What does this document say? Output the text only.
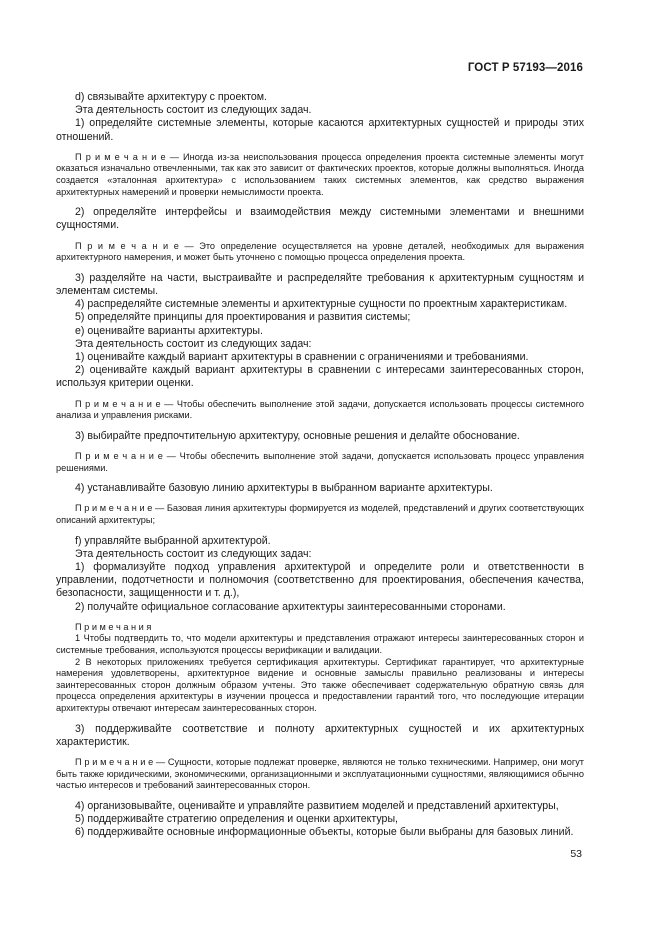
ГОСТ Р 57193—2016
d) связывайте архитектуру с проектом.
Эта деятельность состоит из следующих задач.
1) определяйте системные элементы, которые касаются архитектурных сущностей и природы этих отношений.
П р и м е ч а н и е — Иногда из-за неиспользования процесса определения проекта системные элементы могут оказаться изначально отвечленными, так как это зависит от фактических проектов, которые должны выполняться. Иногда создается «эталонная архитектура» с использованием таких системных элементов, как средство выражения архитектурных намерений и проверки немыслимости проекта.
2) определяйте интерфейсы и взаимодействия между системными элементами и внешними сущностями.
П р и м е ч а н и е — Это определение осуществляется на уровне деталей, необходимых для выражения архитектурного намерения, и может быть уточнено с помощью процесса определения проекта.
3) разделяйте на части, выстраивайте и распределяйте требования к архитектурным сущностям и элементам системы.
4) распределяйте системные элементы и архитектурные сущности по проектным характеристикам.
5) определяйте принципы для проектирования и развития системы;
е) оценивайте варианты архитектуры.
Эта деятельность состоит из следующих задач:
1) оценивайте каждый вариант архитектуры в сравнении с ограничениями и требованиями.
2) оценивайте каждый вариант архитектуры в сравнении с интересами заинтересованных сторон, используя критерии оценки.
П р и м е ч а н и е — Чтобы обеспечить выполнение этой задачи, допускается использовать процессы системного анализа и управления рисками.
3) выбирайте предпочтительную архитектуру, основные решения и делайте обоснование.
П р и м е ч а н и е — Чтобы обеспечить выполнение этой задачи, допускается использовать процесс управления решениями.
4) устанавливайте базовую линию архитектуры в выбранном варианте архитектуры.
П р и м е ч а н и е — Базовая линия архитектуры формируется из моделей, представлений и других соответствующих описаний архитектуры;
f) управляйте выбранной архитектурой.
Эта деятельность состоит из следующих задач:
1) формализуйте подход управления архитектурой и определите роли и ответственности в управлении, подотчетности и полномочия (соответственно для проектирования, обеспечения качества, безопасности, защищенности и т. д.),
2) получайте официальное согласование архитектуры заинтересованными сторонами.
П р и м е ч а н и я
1 Чтобы подтвердить то, что модели архитектуры и представления отражают интересы заинтересованных сторон и системные требования, используются процессы верификации и валидации.
2 В некоторых приложениях требуется сертификация архитектуры. Сертификат гарантирует, что архитектурные намерения удовлетворены, архитектурное видение и основные замыслы правильно реализованы и интересы заинтересованных сторон должным образом учтены. Это также обеспечивает содержательную обратную связь для процесса определения архитектуры в изучении процесса и предоставлении гарантий того, что последующие итерации архитектуры отвечают интересам заинтересованных сторон.
3) поддерживайте соответствие и полноту архитектурных сущностей и их архитектурных характеристик.
П р и м е ч а н и е — Сущности, которые подлежат проверке, являются не только техническими. Например, они могут быть также юридическими, экономическими, организационными и эксплуатационными сущностями, являющимися обычно частью интересов и требований заинтересованных сторон.
4) организовывайте, оценивайте и управляйте развитием моделей и представлений архитектуры,
5) поддерживайте стратегию определения и оценки архитектуры,
6) поддерживайте основные информационные объекты, которые были выбраны для базовых линий.
53
